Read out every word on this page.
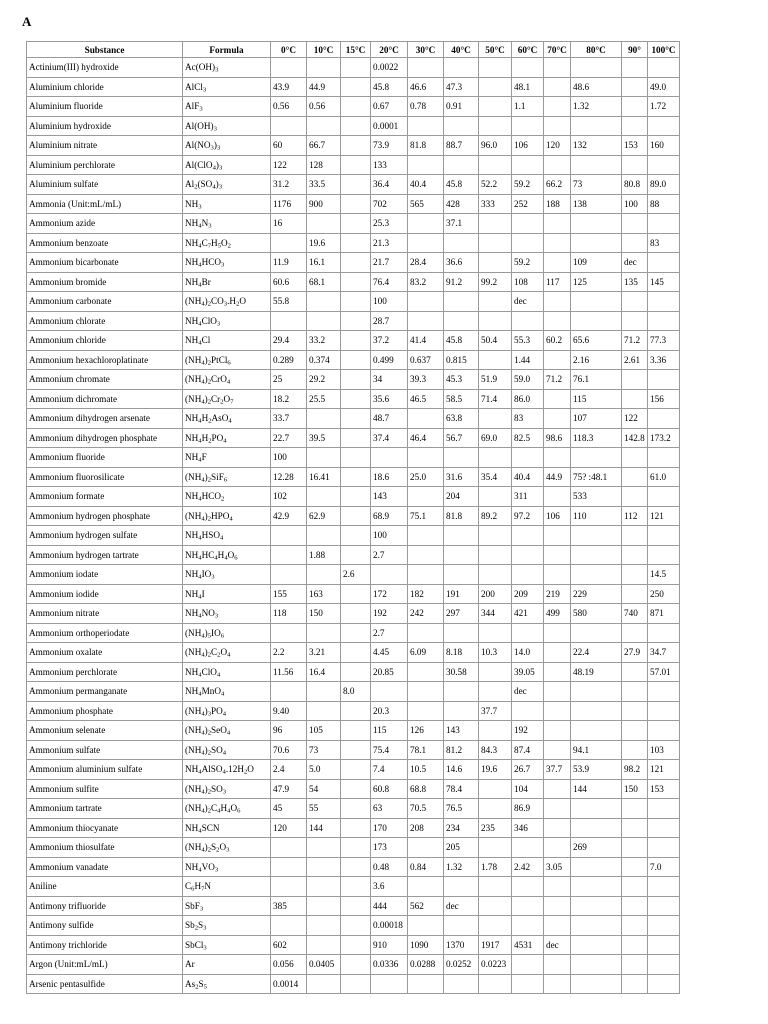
A
Substance	Formula	0°C	10°C	15°C	20°C	30°C	40°C	50°C	60°C	70°C	80°C	90°	100°C
Actinium(III) hydroxide	$Ac(OH)_3$				0.0022								
Aluminium chloride	AlCl$_3$	43.9	44.9		45.8	46.6	47.3		48.1		48.6		49.0
Aluminium fluoride	AlF$_3$	0.56	0.56		0.67	0.78	0.91		1.1		1.32		1.72
Aluminium hydroxide	$Al(OH)_3$				0.0001								
Aluminium nitrate	$Al(NO_3)_3$	60	66.7		73.9	81.8	88.7	96.0	106	120	132	153	160
Aluminium perchlorate	$Al(ClO_4)_3$	122	128		133								
Aluminium sulfate	$Al_2(SO_4)_3$	31.2	33.5		36.4	40.4	45.8	52.2	59.2	66.2	73	80.8	89.0
Ammonia (Unit:mL/mL)	$NH_3$	1176	900		702	565	428	333	252	188	138	100	88
Ammonium azide	$NH_4N_3$	16			25.3		37.1						
Ammonium benzoate	$NH_4C_7H_5O_2$		19.6		21.3								83
Ammonium bicarbonate	$NH_4HCO_3$	11.9	16.1		21.7	28.4	36.6		59.2		109	dec	
Ammonium bromide	$NH_4Br$	60.6	68.1		76.4	83.2	91.2	99.2	108	117	125	135	145
Ammonium carbonate	$(NH_4)_2CO_3.H_2O$	55.8			100				dec				
Ammonium chlorate	$NH_4ClO_3$				28.7								
Ammonium chloride	$NH_4Cl$	29.4	33.2		37.2	41.4	45.8	50.4	55.3	60.2	65.6	71.2	77.3
Ammonium hexachloroplatinate	$(NH_4)_2PtCl_6$	0.289	0.374		0.499	0.637	0.815		1.44		2.16	2.61	3.36
Ammonium chromate	$(NH_4)_2CrO_4$	25	29.2		34	39.3	45.3	51.9	59.0	71.2	76.1		
Ammonium dichromate	$(NH_4)_2Cr_2O_7$	18.2	25.5		35.6	46.5	58.5	71.4	86.0		115		156
Ammonium dihydrogen arsenate	$NH_4H_2AsO_4$	33.7			48.7		63.8		83		107	122	
Ammonium dihydrogen phosphate	$NH_4H_2PO_4$	22.7	39.5		37.4	46.4	56.7	69.0	82.5	98.6	118.3	142.8	173.2
Ammonium fluoride	$NH_4F$	100											
Ammonium fluorosilicate	$(NH_4)_2SiF_6$	12.28	16.41		18.6	25.0	31.6	35.4	40.4	44.9	75? :48.1		61.0
Ammonium formate	$NH_4HCO_2$	102			143		204		311		533		
Ammonium hydrogen phosphate	$(NH_4)_2HPO_4$	42.9	62.9		68.9	75.1	81.8	89.2	97.2	106	110	112	121
Ammonium hydrogen sulfate	$NH_4HSO_4$				100								
Ammonium hydrogen tartrate	$NH_4HC_4H_4O_6$		1.88		2.7								
Ammonium iodate	$NH_4IO_3$			2.6									14.5
Ammonium iodide	$NH_4I$	155	163		172	182	191	200	209	219	229		250
Ammonium nitrate	$NH_4NO_3$	118	150		192	242	297	344	421	499	580	740	871
Ammonium orthoperiodate	$(NH_4)_5IO_6$				2.7								
Ammonium oxalate	$(NH_4)_2C_2O_4$	2.2	3.21		4.45	6.09	8.18	10.3	14.0		22.4	27.9	34.7
Ammonium perchlorate	$NH_4ClO_4$	11.56	16.4		20.85		30.58		39.05		48.19		57.01
Ammonium permanganate	$NH_4MnO_4$			8.0					dec				
Ammonium phosphate	$(NH_4)_3PO_4$	9.40			20.3			37.7					
Ammonium selenate	$(NH_4)_2SeO_4$	96	105		115	126	143		192				
Ammonium sulfate	$(NH_4)_2SO_4$	70.6	73		75.4	78.1	81.2	84.3	87.4		94.1		103
Ammonium aluminium sulfate	$NH_4AlSO_4.12H_2O$	2.4	5.0		7.4	10.5	14.6	19.6	26.7	37.7	53.9	98.2	121
Ammonium sulfite	$(NH_4)_2SO_3$	47.9	54		60.8	68.8	78.4		104		144	150	153
Ammonium tartrate	$(NH_4)_2C_4H_4O_6$	45	55		63	70.5	76.5		86.9				
Ammonium thiocyanate	$NH_4SCN$	120	144		170	208	234	235	346				
Ammonium thiosulfate	$(NH_4)_2S_2O_3$				173		205				269		
Ammonium vanadate	$NH_4VO_3$				0.48	0.84	1.32	1.78	2.42	3.05			7.0
Aniline	$C_6H_7N$				3.6								
Antimony trifluoride	SbF$_3$	385			444	562	dec						
Antimony sulfide	$Sb_2S_3$				0.00018								
Antimony trichloride	SbCl$_3$	602			910	1090	1370	1917	4531	dec			
Argon (Unit:mL/mL)	Ar	0.056	0.0405		0.0336	0.0288	0.0252	0.0223					
Arsenic pentasulfide	$As_2S_5$	0.0014											
